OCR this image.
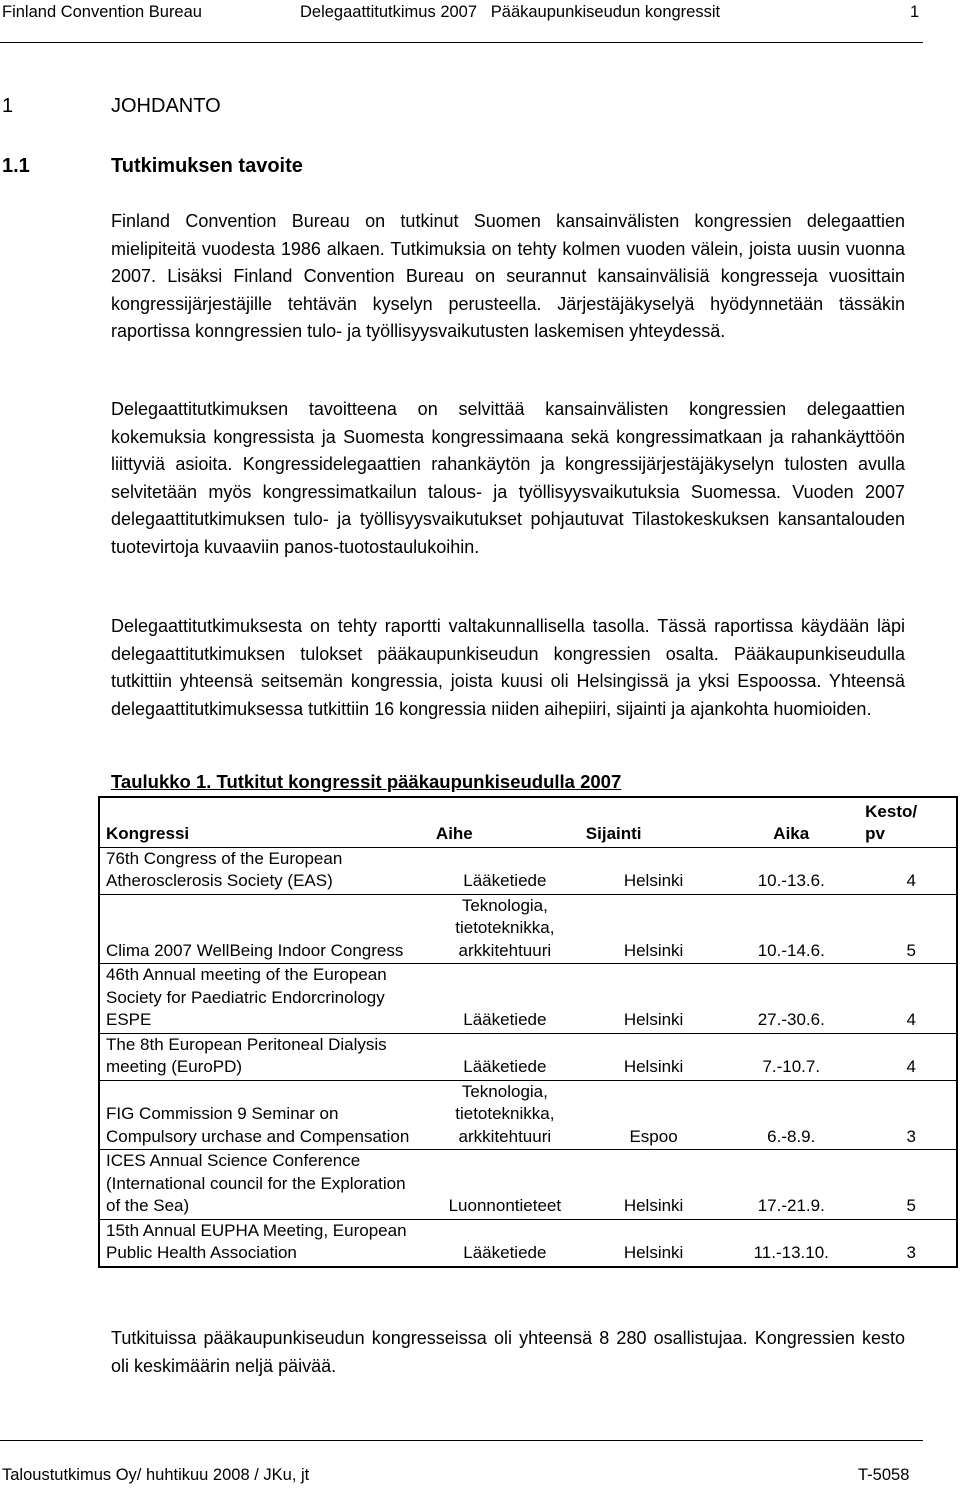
Finland Convention Bureau	Delegaattitutkimus 2007   Pääkaupunkiseudun kongressit	1
1	JOHDANTO
1.1	Tutkimuksen tavoite

Finland Convention Bureau on tutkinut Suomen kansainvälisten kongressien delegaattien mielipiteitä vuodesta 1986 alkaen. Tutkimuksia on tehty kolmen vuoden välein, joista uusin vuonna 2007. Lisäksi Finland Convention Bureau on seurannut kansainvälisiä kongresseja vuosittain kongressijärjestäjille tehtävän kyselyn perusteella. Järjestäjäkyselyä hyödynnetään tässäkin raportissa konngressien tulo- ja työllisyysvaikutusten laskemisen yhteydessä.

Delegaattitutkimuksen tavoitteena on selvittää kansainvälisten kongressien delegaattien kokemuksia kongressista ja Suomesta kongressimaana sekä kongressimatkaan ja rahankäyttöön liittyviä asioita. Kongressidelegaattien rahankäytön ja kongressijärjestäjäkyselyn tulosten avulla selvitetään myös kongressimatkailun talous- ja työllisyysvaikutuksia Suomessa. Vuoden 2007 delegaattitutkimuksen tulo- ja työllisyysvaikutukset pohjautuvat Tilastokeskuksen kansantalouden tuotevirtoja kuvaaviin panos-tuotostaulukoihin.

Delegaattitutkimuksesta on tehty raportti valtakunnallisella tasolla. Tässä raportissa käydään läpi delegaattitutkimuksen tulokset pääkaupunkiseudun kongressien osalta. Pääkaupunkiseudulla tutkittiin yhteensä seitsemän kongressia, joista kuusi oli Helsingissä ja yksi Espoossa. Yhteensä delegaattitutkimuksessa tutkittiin 16 kongressia niiden aihepiiri, sijainti ja ajankohta huomioiden.

Taulukko 1. Tutkitut kongressit pääkaupunkiseudulla 2007
Kongressi	Aihe	Sijainti	Aika	Kesto/
pv

76th Congress of the European Atherosclerosis Society (EAS)	Lääketiede	Helsinki	10.-13.6.	4
Clima 2007 WellBeing Indoor Congress	Teknologia, tietoteknikka, arkkitehtuuri	Helsinki	10.-14.6.	5
46th Annual meeting of the European Society for Paediatric Endorcrinology ESPE	Lääketiede	Helsinki	27.-30.6.	4
The 8th European Peritoneal Dialysis meeting (EuroPD)	Lääketiede	Helsinki	7.-10.7.	4
FIG Commission 9 Seminar on Compulsory urchase and Compensation	Teknologia, tietoteknikka, arkkitehtuuri	Espoo	6.-8.9.	3
ICES Annual Science Conference (International council for the Exploration of the Sea)	Luonnontieteet	Helsinki	17.-21.9.	5
15th Annual EUPHA Meeting, European Public Health Association	Lääketiede	Helsinki	11.-13.10.	3

Tutkituissa pääkaupunkiseudun kongresseissa oli yhteensä 8 280 osallistujaa. Kongressien kesto oli keskimäärin neljä päivää.

Taloustutkimus Oy/ huhtikuu 2008 / JKu, jt	T-5058
